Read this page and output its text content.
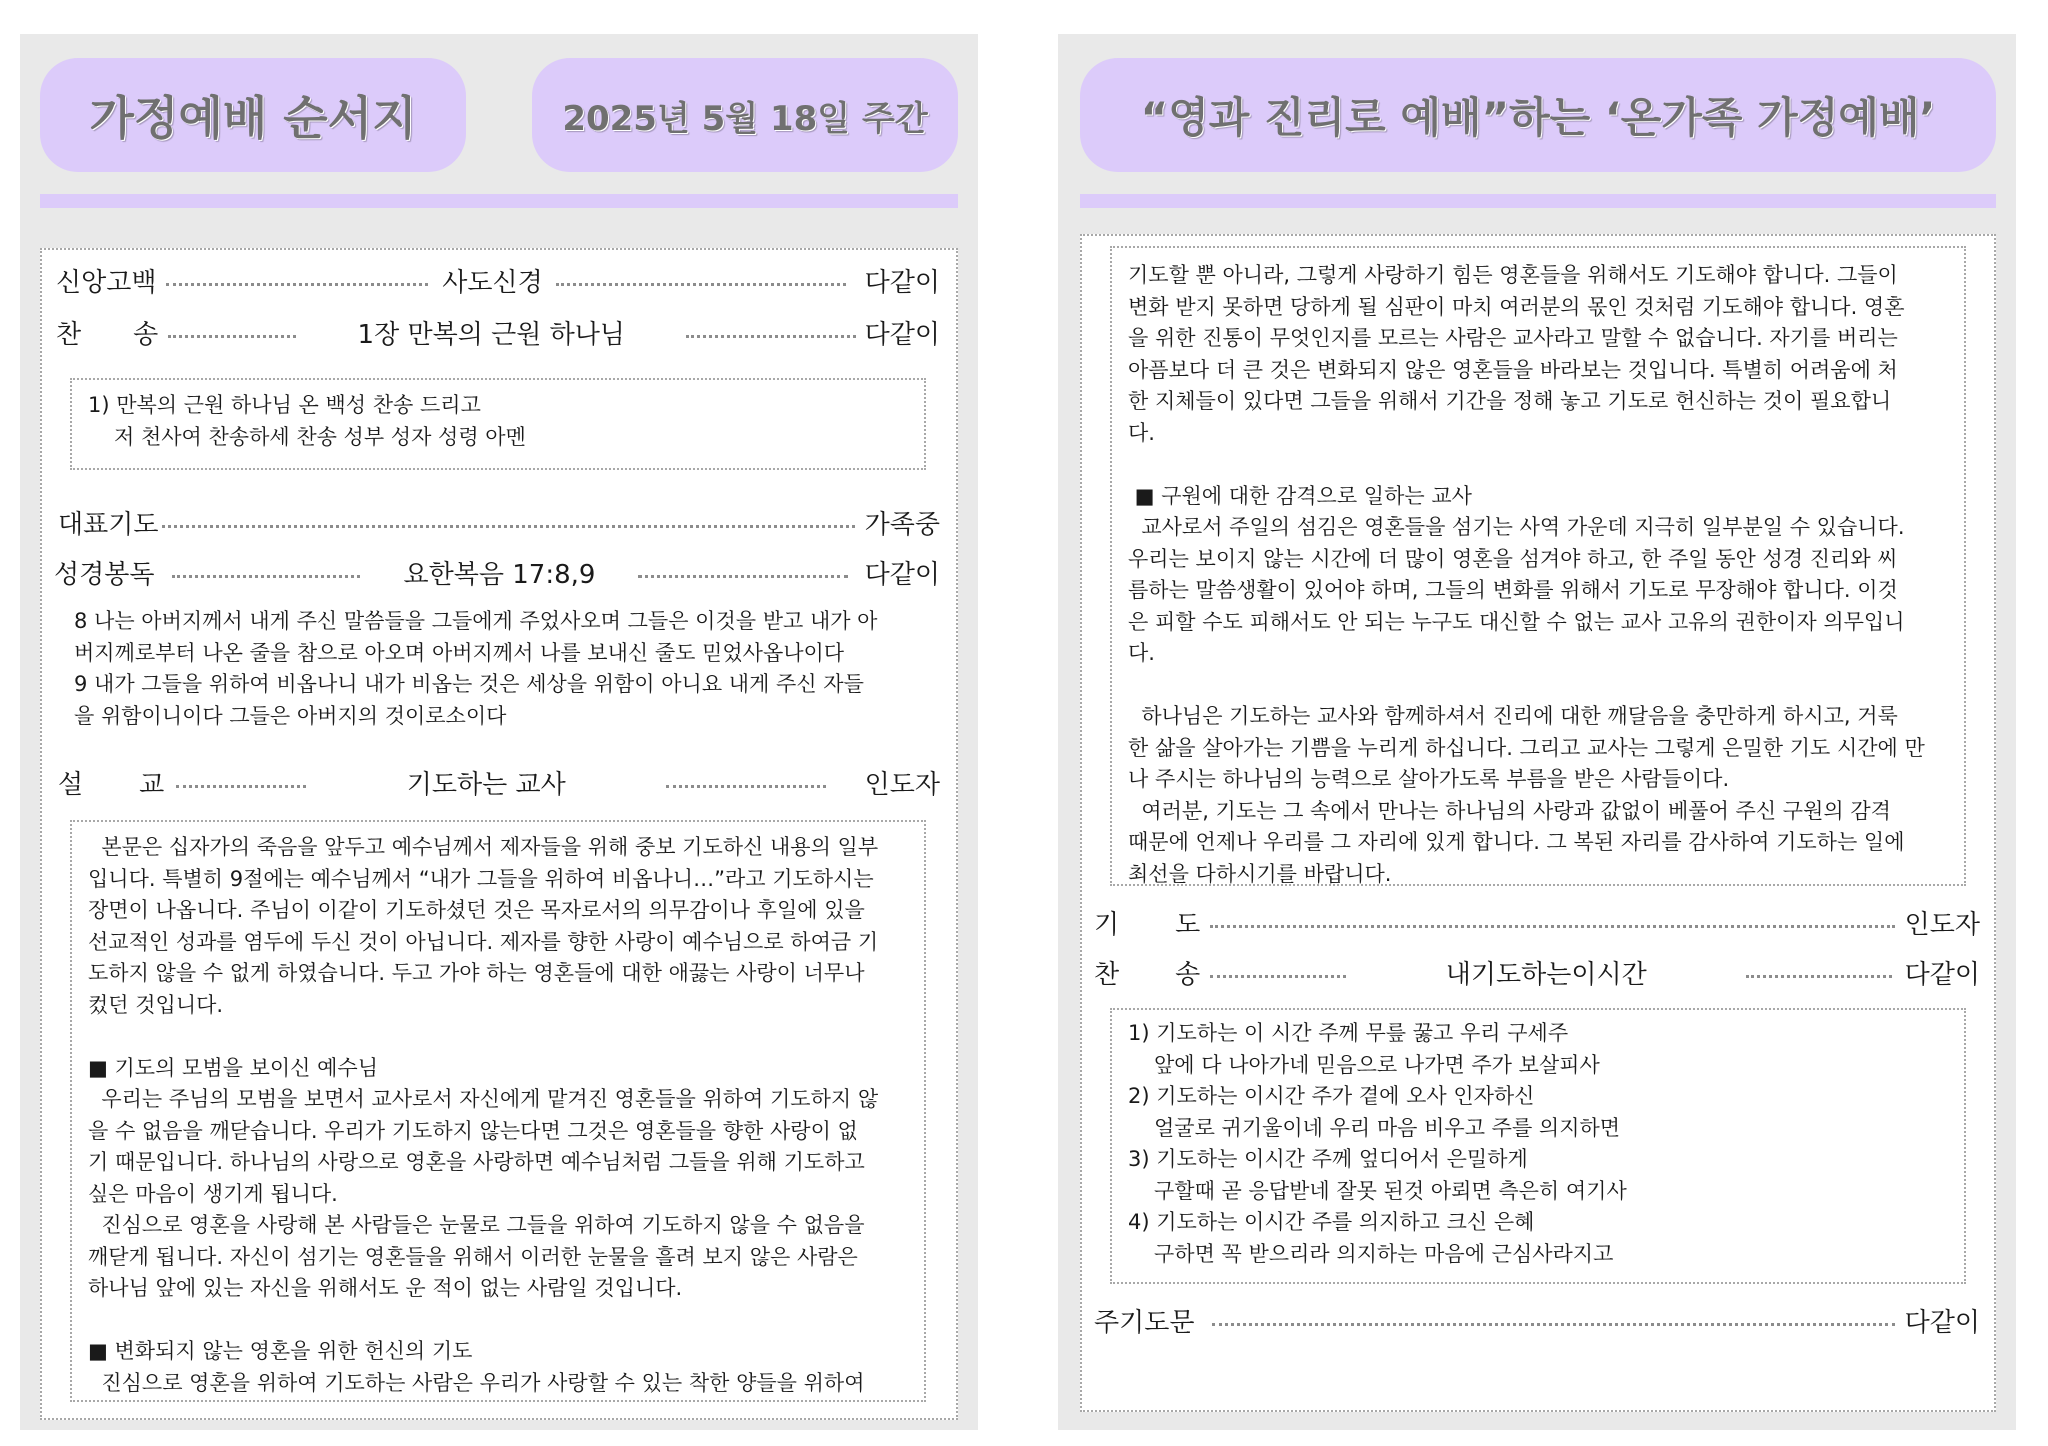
가정예배 순서지	2025년 5월 18일 주간
신앙고백	사도신경	다같이
찬 송	1장 만복의 근원 하나님	다같이
1) 만복의 근원 하나님 온 백성 찬송 드리고
저 천사여 찬송하세 찬송 성부 성자 성령 아멘
대표기도	가족중
성경봉독	요한복음 17:8,9	다같이
8 나는 아버지께서 내게 주신 말씀들을 그들에게 주었사오며 그들은 이것을 받고 내가 아
버지께로부터 나온 줄을 참으로 아오며 아버지께서 나를 보내신 줄도 믿었사옵나이다
9 내가 그들을 위하여 비옵나니 내가 비옵는 것은 세상을 위함이 아니요 내게 주신 자들
을 위함이니이다 그들은 아버지의 것이로소이다
설 교	기도하는 교사	인도자
본문은 십자가의 죽음을 앞두고 예수님께서 제자들을 위해 중보 기도하신 내용의 일부
입니다. 특별히 9절에는 예수님께서 “내가 그들을 위하여 비옵나니…”라고 기도하시는
장면이 나옵니다. 주님이 이같이 기도하셨던 것은 목자로서의 의무감이나 후일에 있을
선교적인 성과를 염두에 두신 것이 아닙니다. 제자를 향한 사랑이 예수님으로 하여금 기
도하지 않을 수 없게 하였습니다. 두고 가야 하는 영혼들에 대한 애끓는 사랑이 너무나
컸던 것입니다.
■ 기도의 모범을 보이신 예수님
우리는 주님의 모범을 보면서 교사로서 자신에게 맡겨진 영혼들을 위하여 기도하지 않
을 수 없음을 깨닫습니다. 우리가 기도하지 않는다면 그것은 영혼들을 향한 사랑이 없
기 때문입니다. 하나님의 사랑으로 영혼을 사랑하면 예수님처럼 그들을 위해 기도하고
싶은 마음이 생기게 됩니다.
진심으로 영혼을 사랑해 본 사람들은 눈물로 그들을 위하여 기도하지 않을 수 없음을
깨닫게 됩니다. 자신이 섬기는 영혼들을 위해서 이러한 눈물을 흘려 보지 않은 사람은
하나님 앞에 있는 자신을 위해서도 운 적이 없는 사람일 것입니다.
■ 변화되지 않는 영혼을 위한 헌신의 기도
진심으로 영혼을 위하여 기도하는 사람은 우리가 사랑할 수 있는 착한 양들을 위하여
“영과 진리로 예배”하는 ‘온가족 가정예배’
기도할 뿐 아니라, 그렇게 사랑하기 힘든 영혼들을 위해서도 기도해야 합니다. 그들이
변화 받지 못하면 당하게 될 심판이 마치 여러분의 몫인 것처럼 기도해야 합니다. 영혼
을 위한 진통이 무엇인지를 모르는 사람은 교사라고 말할 수 없습니다. 자기를 버리는
아픔보다 더 큰 것은 변화되지 않은 영혼들을 바라보는 것입니다. 특별히 어려움에 처
한 지체들이 있다면 그들을 위해서 기간을 정해 놓고 기도로 헌신하는 것이 필요합니
다.
■ 구원에 대한 감격으로 일하는 교사
교사로서 주일의 섬김은 영혼들을 섬기는 사역 가운데 지극히 일부분일 수 있습니다.
우리는 보이지 않는 시간에 더 많이 영혼을 섬겨야 하고, 한 주일 동안 성경 진리와 씨
름하는 말씀생활이 있어야 하며, 그들의 변화를 위해서 기도로 무장해야 합니다. 이것
은 피할 수도 피해서도 안 되는 누구도 대신할 수 없는 교사 고유의 권한이자 의무입니
다.
하나님은 기도하는 교사와 함께하셔서 진리에 대한 깨달음을 충만하게 하시고, 거룩
한 삶을 살아가는 기쁨을 누리게 하십니다. 그리고 교사는 그렇게 은밀한 기도 시간에 만
나 주시는 하나님의 능력으로 살아가도록 부름을 받은 사람들이다.
여러분, 기도는 그 속에서 만나는 하나님의 사랑과 값없이 베풀어 주신 구원의 감격
때문에 언제나 우리를 그 자리에 있게 합니다. 그 복된 자리를 감사하여 기도하는 일에
최선을 다하시기를 바랍니다.
기 도	인도자
찬 송	내기도하는이시간	다같이
1) 기도하는 이 시간 주께 무릎 꿇고 우리 구세주
앞에 다 나아가네 믿음으로 나가면 주가 보살피사
2) 기도하는 이시간 주가 곁에 오사 인자하신
얼굴로 귀기울이네 우리 마음 비우고 주를 의지하면
3) 기도하는 이시간 주께 엎디어서 은밀하게
구할때 곧 응답받네 잘못 된것 아뢰면 측은히 여기사
4) 기도하는 이시간 주를 의지하고 크신 은혜
구하면 꼭 받으리라 의지하는 마음에 근심사라지고
주기도문	다같이
